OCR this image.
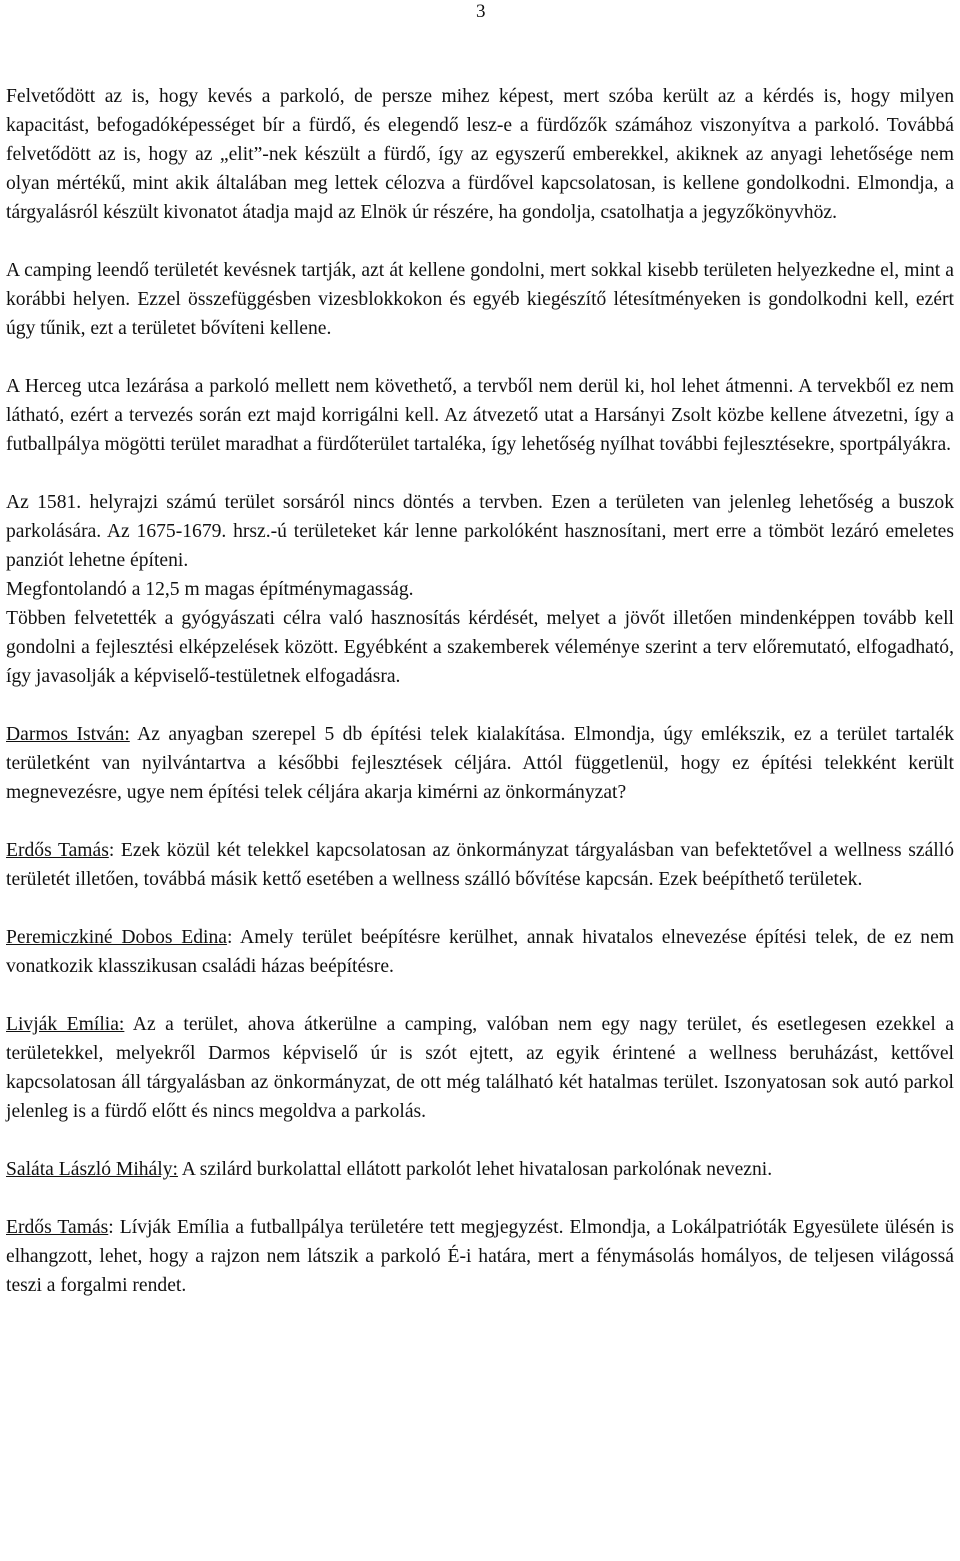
3

Felvetődött az is, hogy kevés a parkoló, de persze mihez képest, mert szóba került az a kérdés is, hogy milyen kapacitást, befogadóképességet bír a fürdő, és elegendő lesz-e a fürdőzők számához viszonyítva a parkoló. Továbbá felvetődött az is, hogy az „elit”-nek készült a fürdő, így az egyszerű emberekkel, akiknek az anyagi lehetősége nem olyan mértékű, mint akik általában meg lettek célozva a fürdővel kapcsolatosan, is kellene gondolkodni. Elmondja, a tárgyalásról készült kivonatot átadja majd az Elnök úr részére, ha gondolja, csatolhatja a jegyzőkönyvhöz.

A camping leendő területét kevésnek tartják, azt át kellene gondolni, mert sokkal kisebb területen helyezkedne el, mint a korábbi helyen. Ezzel összefüggésben vizesblokkokon és egyéb kiegészítő létesítményeken is gondolkodni kell, ezért úgy tűnik, ezt a területet bővíteni kellene.

A Herceg utca lezárása a parkoló mellett nem követhető, a tervből nem derül ki, hol lehet átmenni. A tervekből ez nem látható, ezért a tervezés során ezt majd korrigálni kell. Az átvezető utat a Harsányi Zsolt közbe kellene átvezetni, így a futballpálya mögötti terület maradhat a fürdőterület tartaléka, így lehetőség nyílhat további fejlesztésekre, sportpályákra.

Az 1581. helyrajzi számú terület sorsáról nincs döntés a tervben. Ezen a területen van jelenleg lehetőség a buszok parkolására. Az 1675-1679. hrsz.-ú területeket kár lenne parkolóként hasznosítani, mert erre a tömböt lezáró emeletes panziót lehetne építeni.

Megfontolandó a 12,5 m magas építménymagasság.

Többen felvetették a gyógyászati célra való hasznosítás kérdését, melyet a jövőt illetően mindenképpen tovább kell gondolni a fejlesztési elképzelések között. Egyébként a szakemberek véleménye szerint a terv előremutató, elfogadható, így javasolják a képviselő-testületnek elfogadásra.

Darmos István: Az anyagban szerepel 5 db építési telek kialakítása. Elmondja, úgy emlékszik, ez a terület tartalék területként van nyilvántartva a későbbi fejlesztések céljára. Attól függetlenül, hogy ez építési telekként került megnevezésre, ugye nem építési telek céljára akarja kimérni az önkormányzat?

Erdős Tamás: Ezek közül két telekkel kapcsolatosan az önkormányzat tárgyalásban van befektetővel a wellness szálló területét illetően, továbbá másik kettő esetében a wellness szálló bővítése kapcsán. Ezek beépíthető területek.

Peremiczkiné Dobos Edina: Amely terület beépítésre kerülhet, annak hivatalos elnevezése építési telek, de ez nem vonatkozik klasszikusan családi házas beépítésre.

Livják Emília: Az a terület, ahova átkerülne a camping, valóban nem egy nagy terület, és esetlegesen ezekkel a területekkel, melyekről Darmos képviselő úr is szót ejtett, az egyik érintené a wellness beruházást, kettővel kapcsolatosan áll tárgyalásban az önkormányzat, de ott még található két hatalmas terület. Iszonyatosan sok autó parkol jelenleg is a fürdő előtt és nincs megoldva a parkolás.

Saláta László Mihály: A szilárd burkolattal ellátott parkolót lehet hivatalosan parkolónak nevezni.

Erdős Tamás: Lívják Emília a futballpálya területére tett megjegyzést. Elmondja, a Lokálpatrióták Egyesülete ülésén is elhangzott, lehet, hogy a rajzon nem látszik a parkoló É-i határa, mert a fénymásolás homályos, de teljesen világossá teszi a forgalmi rendet.
